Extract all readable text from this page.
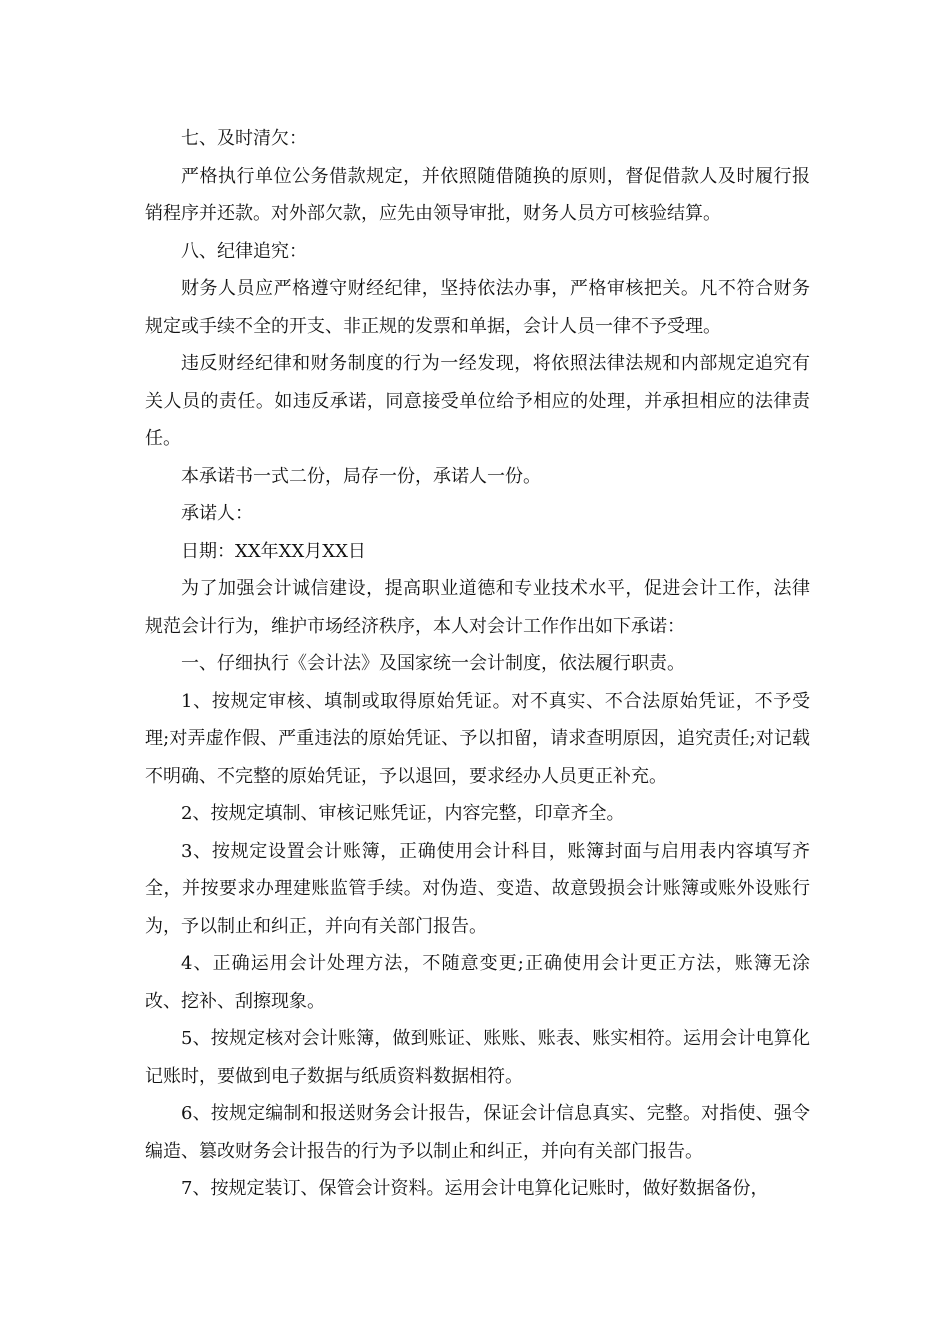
七、及时清欠：

严格执行单位公务借款规定，并依照随借随换的原则，督促借款人及时履行报销程序并还款。对外部欠款，应先由领导审批，财务人员方可核验结算。

八、纪律追究：

财务人员应严格遵守财经纪律，坚持依法办事，严格审核把关。凡不符合财务规定或手续不全的开支、非正规的发票和单据，会计人员一律不予受理。

违反财经纪律和财务制度的行为一经发现，将依照法律法规和内部规定追究有关人员的责任。如违反承诺，同意接受单位给予相应的处理，并承担相应的法律责任。

本承诺书一式二份，局存一份，承诺人一份。

承诺人：

日期：XX年XX月XX日

为了加强会计诚信建设，提高职业道德和专业技术水平，促进会计工作，法律规范会计行为，维护市场经济秩序，本人对会计工作作出如下承诺：

一、仔细执行《会计法》及国家统一会计制度，依法履行职责。

1、按规定审核、填制或取得原始凭证。对不真实、不合法原始凭证，不予受理;对弄虚作假、严重违法的原始凭证、予以扣留，请求查明原因，追究责任;对记载不明确、不完整的原始凭证，予以退回，要求经办人员更正补充。

2、按规定填制、审核记账凭证，内容完整，印章齐全。

3、按规定设置会计账簿，正确使用会计科目，账簿封面与启用表内容填写齐全，并按要求办理建账监管手续。对伪造、变造、故意毁损会计账簿或账外设账行为，予以制止和纠正，并向有关部门报告。

4、正确运用会计处理方法，不随意变更;正确使用会计更正方法，账簿无涂改、挖补、刮擦现象。

5、按规定核对会计账簿，做到账证、账账、账表、账实相符。运用会计电算化记账时，要做到电子数据与纸质资料数据相符。

6、按规定编制和报送财务会计报告，保证会计信息真实、完整。对指使、强令编造、篡改财务会计报告的行为予以制止和纠正，并向有关部门报告。

7、按规定装订、保管会计资料。运用会计电算化记账时，做好数据备份，
